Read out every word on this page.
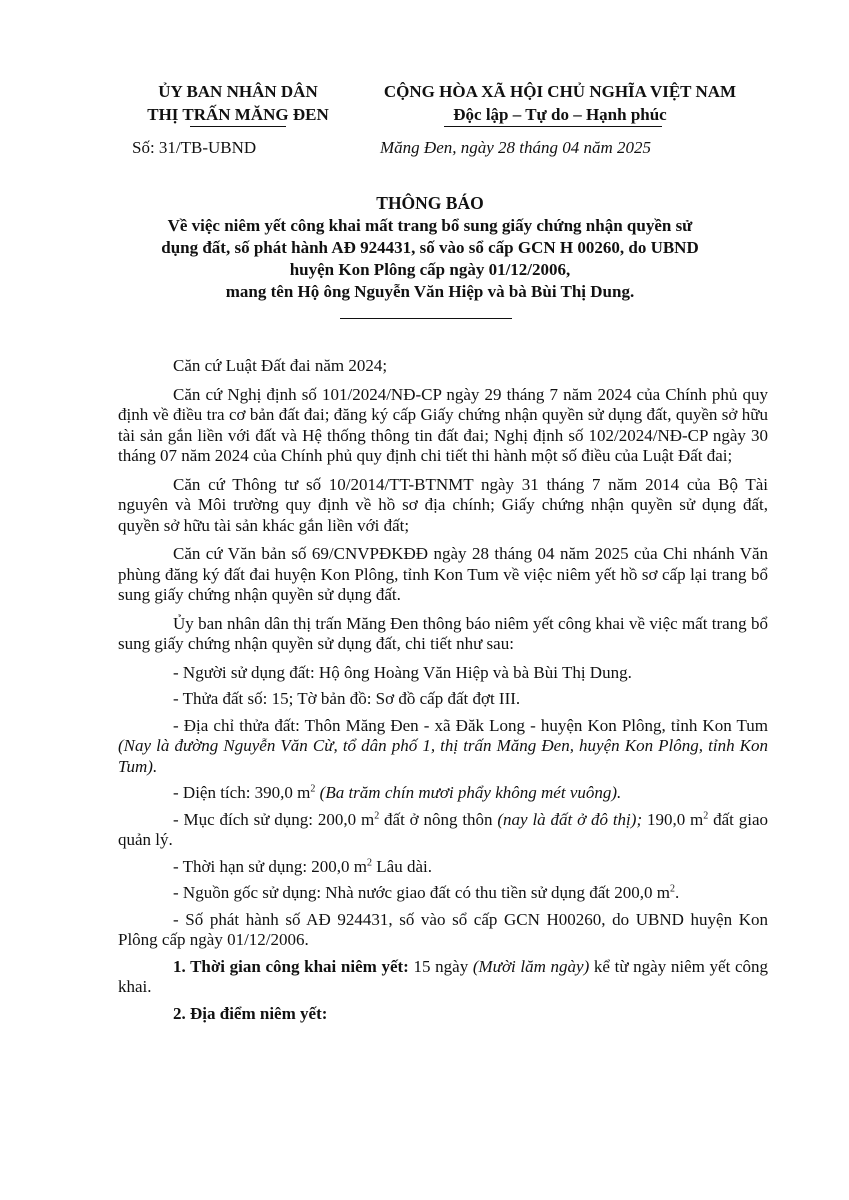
ỦY BAN NHÂN DÂN
THỊ TRẤN MĂNG ĐEN
CỘNG HÒA XÃ HỘI CHỦ NGHĨA VIỆT NAM
Độc lập – Tự do – Hạnh phúc
Số: 31/TB-UBND	Măng Đen, ngày 28 tháng 04 năm 2025
THÔNG BÁO
Về việc niêm yết công khai mất trang bổ sung giấy chứng nhận quyền sử
dụng đất, số phát hành AĐ 924431, số vào sổ cấp GCN H 00260, do UBND
huyện Kon Plông cấp ngày 01/12/2006,
mang tên Hộ ông Nguyễn Văn Hiệp và bà Bùi Thị Dung.

Căn cứ Luật Đất đai năm 2024;

Căn cứ Nghị định số 101/2024/NĐ-CP ngày 29 tháng 7 năm 2024 của Chính phủ quy định về điều tra cơ bản đất đai; đăng ký cấp Giấy chứng nhận quyền sử dụng đất, quyền sở hữu tài sản gắn liền với đất và Hệ thống thông tin đất đai; Nghị định số 102/2024/NĐ-CP ngày 30 tháng 07 năm 2024 của Chính phủ quy định chi tiết thi hành một số điều của Luật Đất đai;

Căn cứ Thông tư số 10/2014/TT-BTNMT ngày 31 tháng 7 năm 2014 của Bộ Tài nguyên và Môi trường quy định về hồ sơ địa chính; Giấy chứng nhận quyền sử dụng đất, quyền sở hữu tài sản khác gắn liền với đất;

Căn cứ Văn bản số 69/CNVPĐKĐĐ ngày 28 tháng 04 năm 2025 của Chi nhánh Văn phùng đăng ký đất đai huyện Kon Plông, tỉnh Kon Tum về việc niêm yết hồ sơ cấp lại trang bổ sung giấy chứng nhận quyền sử dụng đất.

Ủy ban nhân dân thị trấn Măng Đen thông báo niêm yết công khai về việc mất trang bổ sung giấy chứng nhận quyền sử dụng đất, chi tiết như sau:

- Người sử dụng đất: Hộ ông Hoàng Văn Hiệp và bà Bùi Thị Dung.

- Thửa đất số: 15; Tờ bản đồ: Sơ đồ cấp đất đợt III.

- Địa chỉ thửa đất: Thôn Măng Đen - xã Đăk Long - huyện Kon Plông, tỉnh Kon Tum (Nay là đường Nguyễn Văn Cừ, tổ dân phố 1, thị trấn Măng Đen, huyện Kon Plông, tỉnh Kon Tum).

- Diện tích: 390,0 $m^2$ (Ba trăm chín mươi phẩy không mét vuông).

- Mục đích sử dụng: 200,0 $m^2$ đất ở nông thôn (nay là đất ở đô thị); 190,0 $m^2$ đất giao quản lý.

- Thời hạn sử dụng: 200,0 $m^2$ Lâu dài.

- Nguồn gốc sử dụng: Nhà nước giao đất có thu tiền sử dụng đất 200,0 $m^2$.

- Số phát hành số AĐ 924431, số vào sổ cấp GCN H00260, do UBND huyện Kon Plông cấp ngày 01/12/2006.

1. Thời gian công khai niêm yết: 15 ngày (Mười lăm ngày) kể từ ngày niêm yết công khai.

2. Địa điểm niêm yết:
